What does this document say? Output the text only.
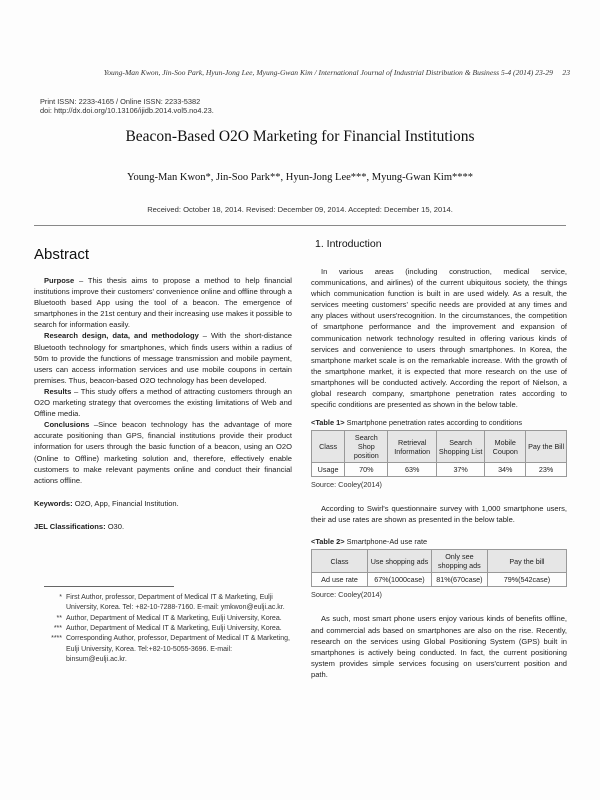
Young-Man Kwon, Jin-Soo Park, Hyun-Jong Lee, Myung-Gwan Kim / International Journal of Industrial Distribution & Business 5-4 (2014) 23-29 23
Print ISSN: 2233-4165 / Online ISSN: 2233-5382
doi: http://dx.doi.org/10.13106/ijidb.2014.vol5.no4.23.
Beacon-Based O2O Marketing for Financial Institutions
Young-Man Kwon*, Jin-Soo Park**, Hyun-Jong Lee***, Myung-Gwan Kim****
Received: October 18, 2014. Revised: December 09, 2014. Accepted: December 15, 2014.
Abstract

Purpose – This thesis aims to propose a method to help financial institutions improve their customers' convenience online and offline through a Bluetooth based App using the tool of a beacon. The emergence of smartphones in the 21st century and their increasing use makes it possible to search for information easily.

Research design, data, and methodology – With the short-distance Bluetooth technology for smartphones, which finds users within a radius of 50m to provide the functions of message transmission and mobile payment, users can access information services and use mobile coupons in certain premises. Thus, beacon-based O2O technology has been developed.

Results – This study offers a method of attracting customers through an O2O marketing strategy that overcomes the existing limitations of Web and Offline media.

Conclusions –Since beacon technology has the advantage of more accurate positioning than GPS, financial institutions provide their product information for users through the basic function of a beacon, using an O2O (Online to Offline) marketing solution and, therefore, effectively enable customers to make relevant payments online and conduct their financial actions offline.

Keywords: O2O, App, Financial Institution.
JEL Classifications: O30.
* First Author, professor, Department of Medical IT & Marketing, Eulji University, Korea. Tel: +82-10-7288-7160. E-mail: ymkwon@eulji.ac.kr.
** Author, Department of Medical IT & Marketing, Eulji University, Korea.
*** Author, Department of Medical IT & Marketing, Eulji University, Korea.
**** Corresponding Author, professor, Department of Medical IT & Marketing, Eulji University, Korea. Tel:+82-10-5055-3696. E-mail: binsum@eulji.ac.kr.
1. Introduction

In various areas (including construction, medical service, communications, and airlines) of the current ubiquitous society, the things which communication function is built in are used widely. As a result, the services meeting customers' specific needs are provided at any times and any places without users'recognition. In the circumstances, the competition of smartphone performance and the improvement and expansion of communication network technology resulted in offering various kinds of services and convenience to users through smartphones. In Korea, the smartphone market scale is on the remarkable increase. With the growth of the smartphone market, it is expected that more research on the use of smartphones will be conducted actively. According the report of Nielson, a global research company, smartphone penetration rates according to specific conditions are presented as shown in the below table.

<Table 1> Smartphone penetration rates according to conditions
Class	Search Shop position	Retrieval Information	Search Shopping List	Mobile Coupon	Pay the Bill
Usage	70%	63%	37%	34%	23%
Source: Cooley(2014)

According to Swirl's questionnaire survey with 1,000 smartphone users, their ad use rates are shown as presented in the below table.

<Table 2> Smartphone-Ad use rate
Class	Use shopping ads	Only see shopping ads	Pay the bill
Ad use rate	67%(1000case)	81%(670case)	79%(542case)
Source: Cooley(2014)

As such, most smart phone users enjoy various kinds of benefits offline, and commercial ads based on smartphones are also on the rise. Recently, research on the services using Global Positioning System (GPS) built in smartphones is actively being conducted. In fact, the current positioning system provides simple services focusing on users'current position and path.
